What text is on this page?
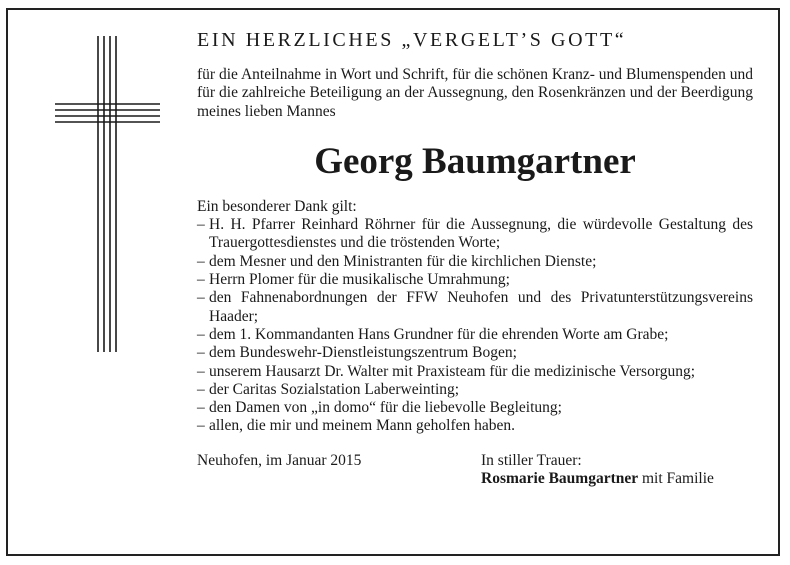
EIN HERZLICHES „VERGELT’S GOTT“

für die Anteilnahme in Wort und Schrift, für die schönen Kranz- und Blumenspenden und für die zahlreiche Beteiligung an der Aussegnung, den Rosenkränzen und der Beerdigung meines lieben Mannes

Georg Baumgartner

Ein besonderer Dank gilt:

– H. H. Pfarrer Reinhard Röhrner für die Aussegnung, die würdevolle Gestaltung des Trauergottesdienstes und die tröstenden Worte;
– dem Mesner und den Ministranten für die kirchlichen Dienste;
– Herrn Plomer für die musikalische Umrahmung;
– den Fahnenabordnungen der FFW Neuhofen und des Privatunterstützungsvereins Haader;
– dem 1. Kommandanten Hans Grundner für die ehrenden Worte am Grabe;
– dem Bundeswehr-Dienstleistungszentrum Bogen;
– unserem Hausarzt Dr. Walter mit Praxisteam für die medizinische Versorgung;
– der Caritas Sozialstation Laberweinting;
– den Damen von „in domo“ für die liebevolle Begleitung;
– allen, die mir und meinem Mann geholfen haben.
Neuhofen, im Januar 2015	In stiller Trauer:
Rosmarie Baumgartner mit Familie
